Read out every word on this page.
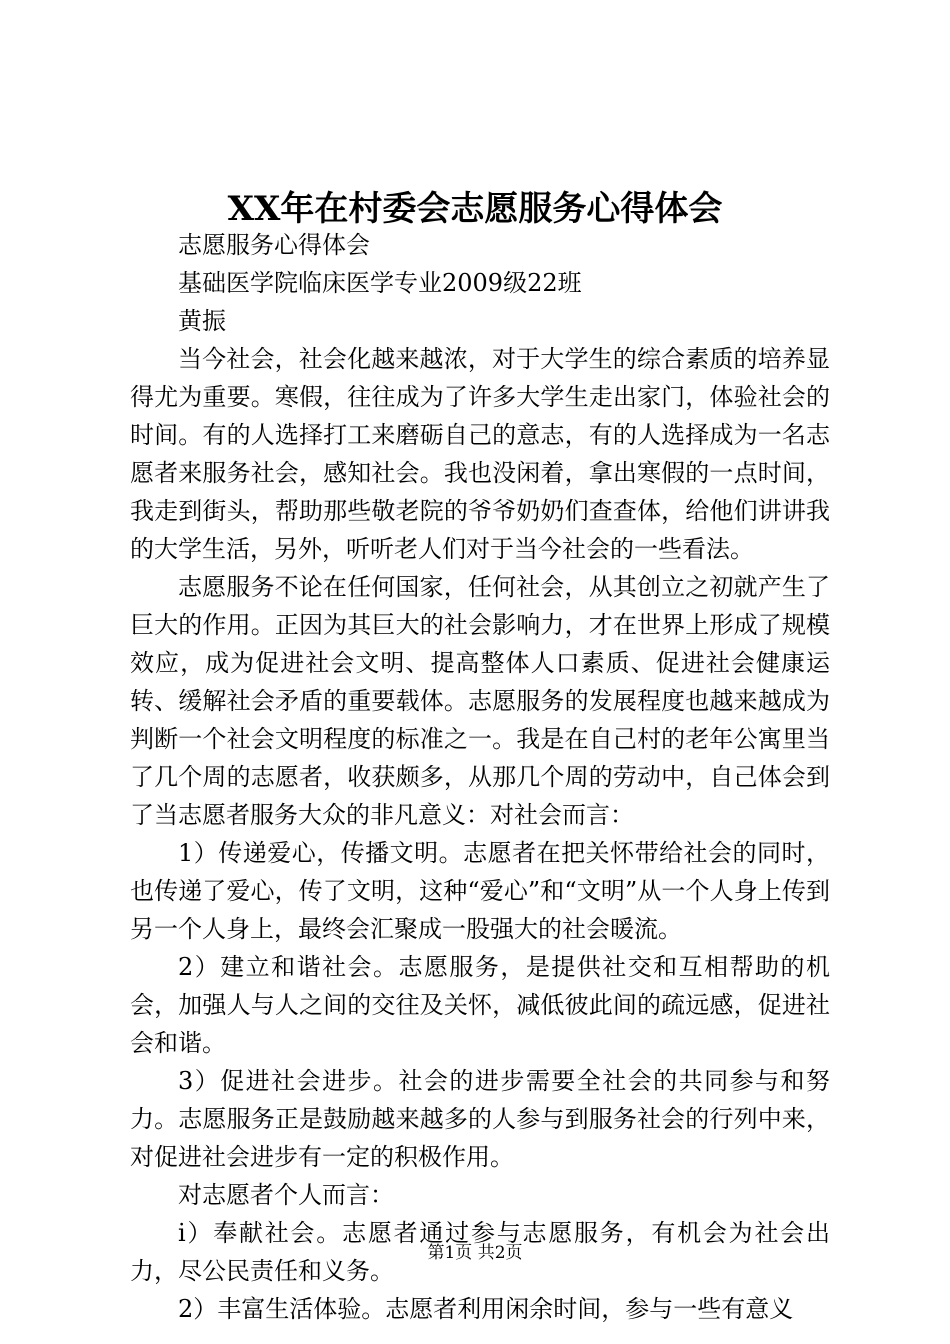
XX年在村委会志愿服务心得体会

志愿服务心得体会

基础医学院临床医学专业2009级22班

黄振

当今社会，社会化越来越浓，对于大学生的综合素质的培养显得尤为重要。寒假，往往成为了许多大学生走出家门，体验社会的时间。有的人选择打工来磨砺自己的意志，有的人选择成为一名志愿者来服务社会，感知社会。我也没闲着，拿出寒假的一点时间，我走到街头，帮助那些敬老院的爷爷奶奶们查查体，给他们讲讲我的大学生活，另外，听听老人们对于当今社会的一些看法。

志愿服务不论在任何国家，任何社会，从其创立之初就产生了巨大的作用。正因为其巨大的社会影响力，才在世界上形成了规模效应，成为促进社会文明、提高整体人口素质、促进社会健康运转、缓解社会矛盾的重要载体。志愿服务的发展程度也越来越成为判断一个社会文明程度的标准之一。我是在自己村的老年公寓里当了几个周的志愿者，收获颇多，从那几个周的劳动中，自己体会到了当志愿者服务大众的非凡意义：对社会而言：

1）传递爱心，传播文明。志愿者在把关怀带给社会的同时，也传递了爱心，传了文明，这种“爱心”和“文明”从一个人身上传到另一个人身上，最终会汇聚成一股强大的社会暖流。

2）建立和谐社会。志愿服务，是提供社交和互相帮助的机会，加强人与人之间的交往及关怀，减低彼此间的疏远感，促进社会和谐。

3）促进社会进步。社会的进步需要全社会的共同参与和努力。志愿服务正是鼓励越来越多的人参与到服务社会的行列中来，对促进社会进步有一定的积极作用。

对志愿者个人而言：

i）奉献社会。志愿者通过参与志愿服务，有机会为社会出力，尽公民责任和义务。

2）丰富生活体验。志愿者利用闲余时间，参与一些有意义

第1页 共2页
